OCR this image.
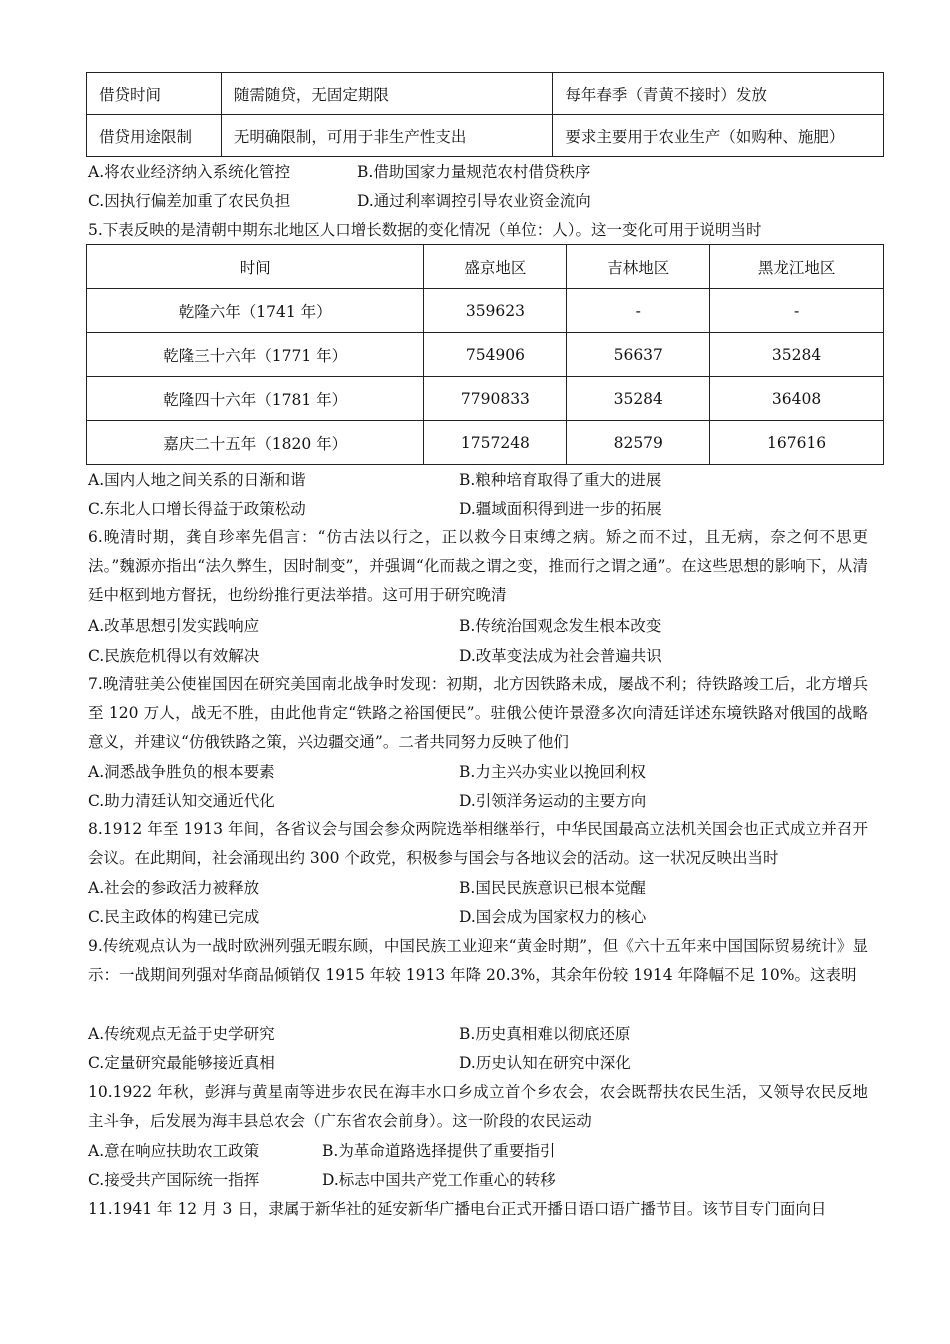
借贷时间	随需随贷，无固定期限	每年春季（青黄不接时）发放
借贷用途限制	无明确限制，可用于非生产性支出	要求主要用于农业生产（如购种、施肥）
A.将农业经济纳入系统化管控	B.借助国家力量规范农村借贷秩序
C.因执行偏差加重了农民负担	D.通过利率调控引导农业资金流向
5.下表反映的是清朝中期东北地区人口增长数据的变化情况（单位：人）。这一变化可用于说明当时
时间	盛京地区	吉林地区	黑龙江地区
乾隆六年（1741 年）	359623	-	-
乾隆三十六年（1771 年）	754906	56637	35284
乾隆四十六年（1781 年）	7790833	35284	36408
嘉庆二十五年（1820 年）	1757248	82579	167616
A.国内人地之间关系的日渐和谐	B.粮种培育取得了重大的进展
C.东北人口增长得益于政策松动	D.疆域面积得到进一步的拓展
6.晚清时期，龚自珍率先倡言：“仿古法以行之，正以救今日束缚之病。矫之而不过，且无病，奈之何不思更法。”魏源亦指出“法久弊生，因时制变”，并强调“化而裁之谓之变，推而行之谓之通”。在这些思想的影响下，从清廷中枢到地方督抚，也纷纷推行更法举措。这可用于研究晚清
A.改革思想引发实践响应	B.传统治国观念发生根本改变
C.民族危机得以有效解决	D.改革变法成为社会普遍共识
7.晚清驻美公使崔国因在研究美国南北战争时发现：初期，北方因铁路未成，屡战不利；待铁路竣工后，北方增兵至 120 万人，战无不胜，由此他肯定“铁路之裕国便民”。驻俄公使许景澄多次向清廷详述东境铁路对俄国的战略意义，并建议“仿俄铁路之策，兴边疆交通”。二者共同努力反映了他们
A.洞悉战争胜负的根本要素	B.力主兴办实业以挽回利权
C.助力清廷认知交通近代化	D.引领洋务运动的主要方向
8.1912 年至 1913 年间，各省议会与国会参众两院选举相继举行，中华民国最高立法机关国会也正式成立并召开会议。在此期间，社会涌现出约 300 个政党，积极参与国会与各地议会的活动。这一状况反映出当时
A.社会的参政活力被释放	B.国民民族意识已根本觉醒
C.民主政体的构建已完成	D.国会成为国家权力的核心
9.传统观点认为一战时欧洲列强无暇东顾，中国民族工业迎来“黄金时期”，但《六十五年来中国国际贸易统计》显示：一战期间列强对华商品倾销仅 1915 年较 1913 年降 20.3%，其余年份较 1914 年降幅不足 10%。这表明
A.传统观点无益于史学研究	B.历史真相难以彻底还原
C.定量研究最能够接近真相	D.历史认知在研究中深化
10.1922 年秋，彭湃与黄星南等进步农民在海丰水口乡成立首个乡农会，农会既帮扶农民生活，又领导农民反地主斗争，后发展为海丰县总农会（广东省农会前身）。这一阶段的农民运动
A.意在响应扶助农工政策	B.为革命道路选择提供了重要指引
C.接受共产国际统一指挥	D.标志中国共产党工作重心的转移
11.1941 年 12 月 3 日，隶属于新华社的延安新华广播电台正式开播日语口语广播节目。该节目专门面向日
